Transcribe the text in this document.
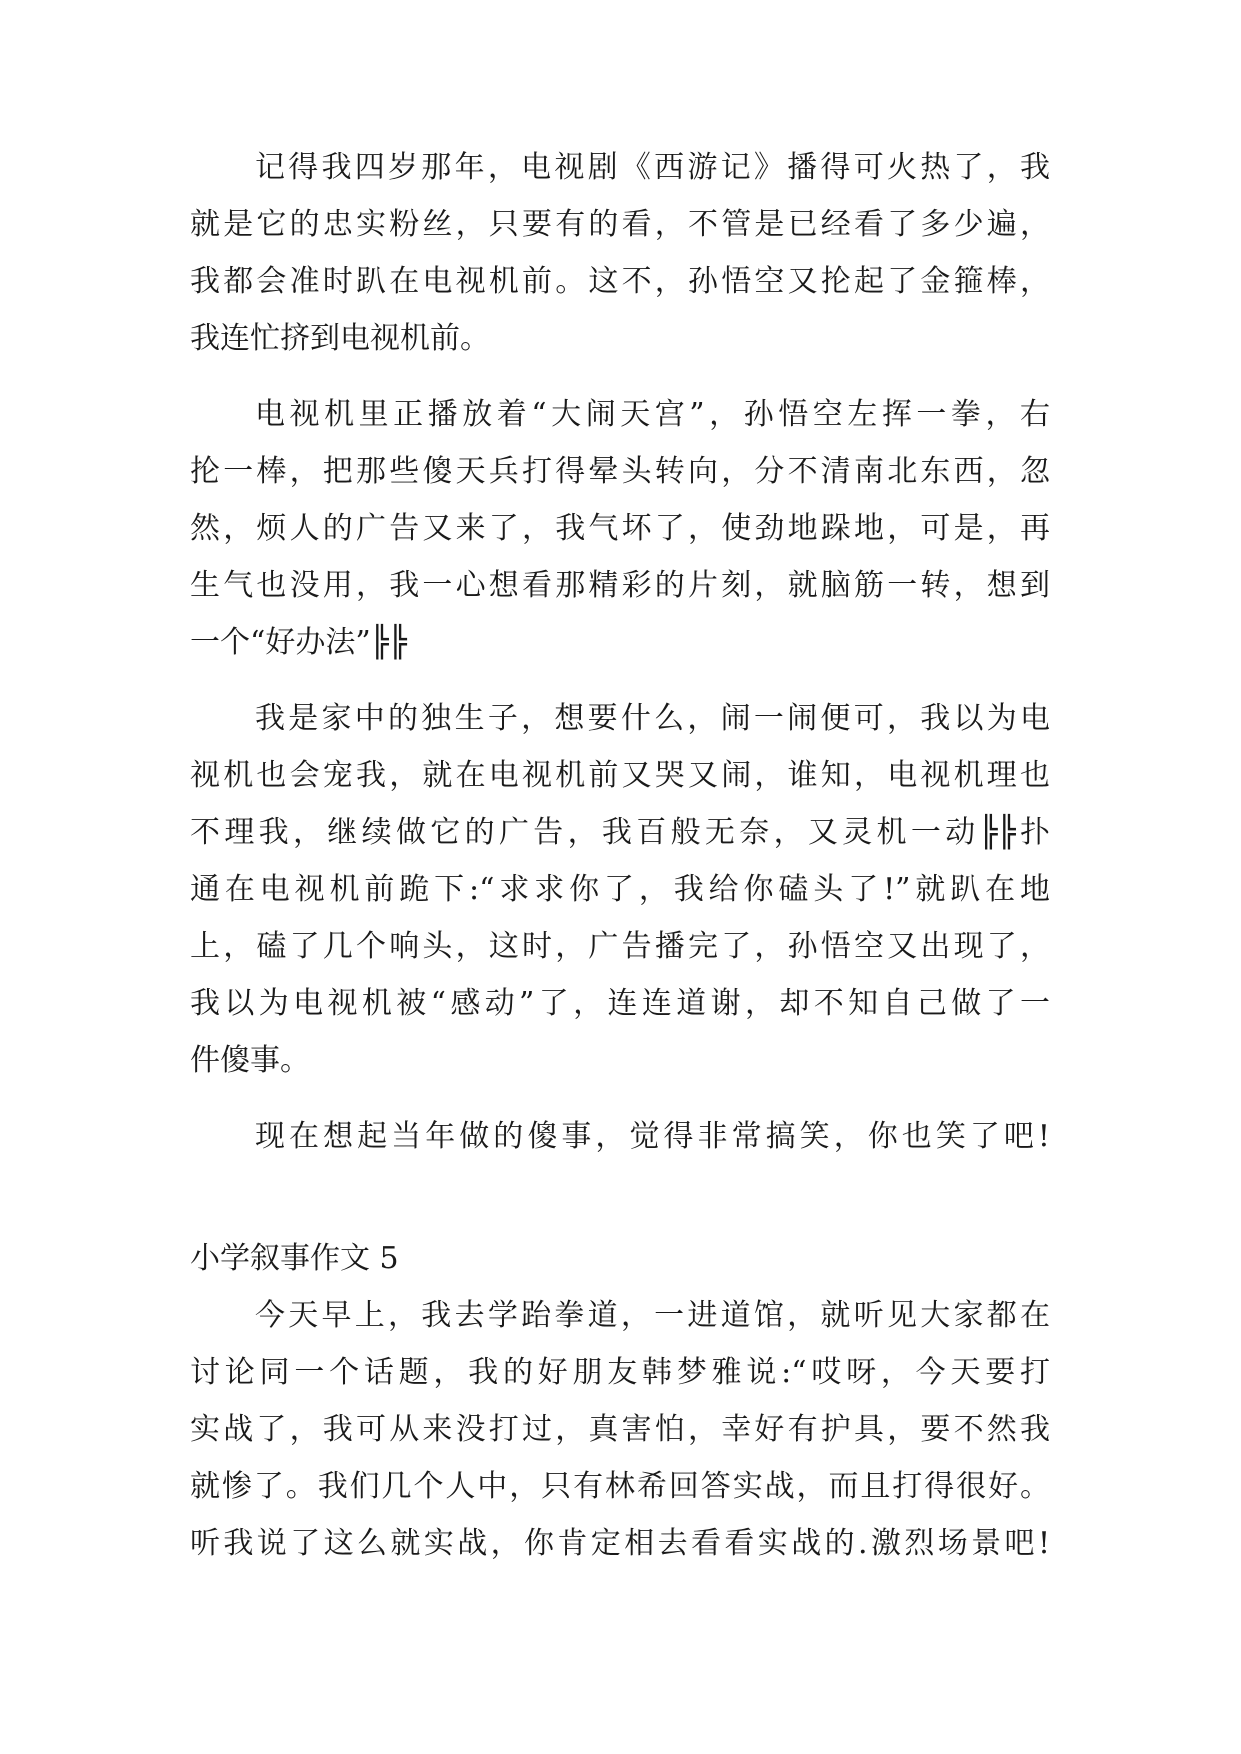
记得我四岁那年，电视剧《西游记》播得可火热了，我

就是它的忠实粉丝，只要有的看，不管是已经看了多少遍，

我都会准时趴在电视机前。这不，孙悟空又抡起了金箍棒，

我连忙挤到电视机前。

电视机里正播放着“大闹天宫”，孙悟空左挥一拳，右

抡一棒，把那些傻天兵打得晕头转向，分不清南北东西，忽

然，烦人的广告又来了，我气坏了，使劲地跺地，可是，再

生气也没用，我一心想看那精彩的片刻，就脑筋一转，想到

一个“好办法”╠╠

我是家中的独生子，想要什么，闹一闹便可，我以为电

视机也会宠我，就在电视机前又哭又闹，谁知，电视机理也

不理我，继续做它的广告，我百般无奈，又灵机一动╠╠扑

通在电视机前跪下:“求求你了，我给你磕头了!”就趴在地

上，磕了几个响头，这时，广告播完了，孙悟空又出现了，

我以为电视机被“感动”了，连连道谢，却不知自己做了一

件傻事。

现在想起当年做的傻事，觉得非常搞笑，你也笑了吧!

小学叙事作文 5

今天早上，我去学跆拳道，一进道馆，就听见大家都在

讨论同一个话题，我的好朋友韩梦雅说:“哎呀，今天要打

实战了，我可从来没打过，真害怕，幸好有护具，要不然我

就惨了。我们几个人中，只有林希回答实战，而且打得很好。

听我说了这么就实战，你肯定相去看看实战的.激烈场景吧!
